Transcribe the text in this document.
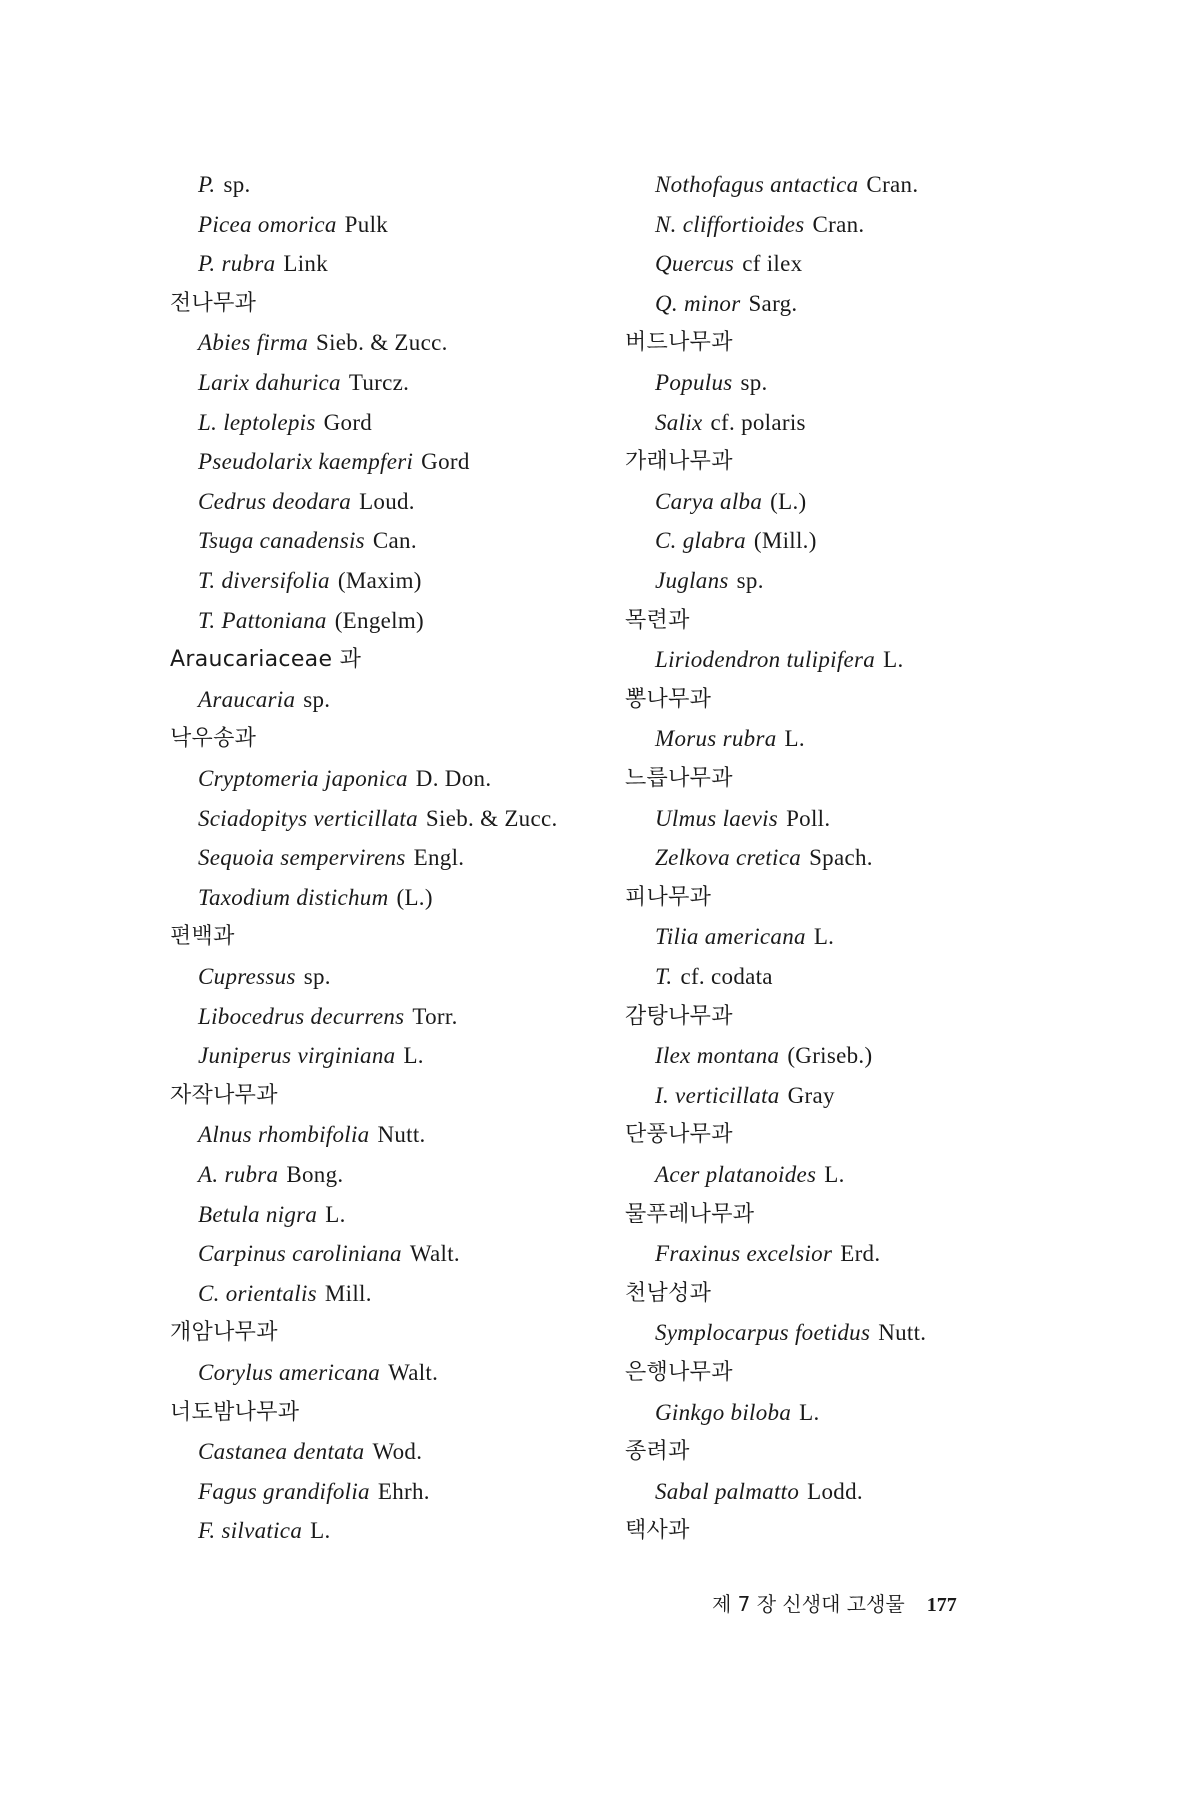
P. sp.
Picea omorica Pulk
P. rubra Link
전나무과
Abies firma Sieb. & Zucc.
Larix dahurica Turcz.
L. leptolepis Gord
Pseudolarix kaempferi Gord
Cedrus deodara Loud.
Tsuga canadensis Can.
T. diversifolia (Maxim)
T. Pattoniana (Engelm)
Araucariaceae 과
Araucaria sp.
낙우송과
Cryptomeria japonica D. Don.
Sciadopitys verticillata Sieb. & Zucc.
Sequoia sempervirens Engl.
Taxodium distichum (L.)
편백과
Cupressus sp.
Libocedrus decurrens Torr.
Juniperus virginiana L.
자작나무과
Alnus rhombifolia Nutt.
A. rubra Bong.
Betula nigra L.
Carpinus caroliniana Walt.
C. orientalis Mill.
개암나무과
Corylus americana Walt.
너도밤나무과
Castanea dentata Wod.
Fagus grandifolia Ehrh.
F. silvatica L.
Nothofagus antactica Cran.
N. cliffortioides Cran.
Quercus cf ilex
Q. minor Sarg.
버드나무과
Populus sp.
Salix cf. polaris
가래나무과
Carya alba (L.)
C. glabra (Mill.)
Juglans sp.
목련과
Liriodendron tulipifera L.
뽕나무과
Morus rubra L.
느릅나무과
Ulmus laevis Poll.
Zelkova cretica Spach.
피나무과
Tilia americana L.
T. cf. codata
감탕나무과
Ilex montana (Griseb.)
I. verticillata Gray
단풍나무과
Acer platanoides L.
물푸레나무과
Fraxinus excelsior Erd.
천남성과
Symplocarpus foetidus Nutt.
은행나무과
Ginkgo biloba L.
종려과
Sabal palmatto Lodd.
택사과
제 7 장 신생대 고생물 177
